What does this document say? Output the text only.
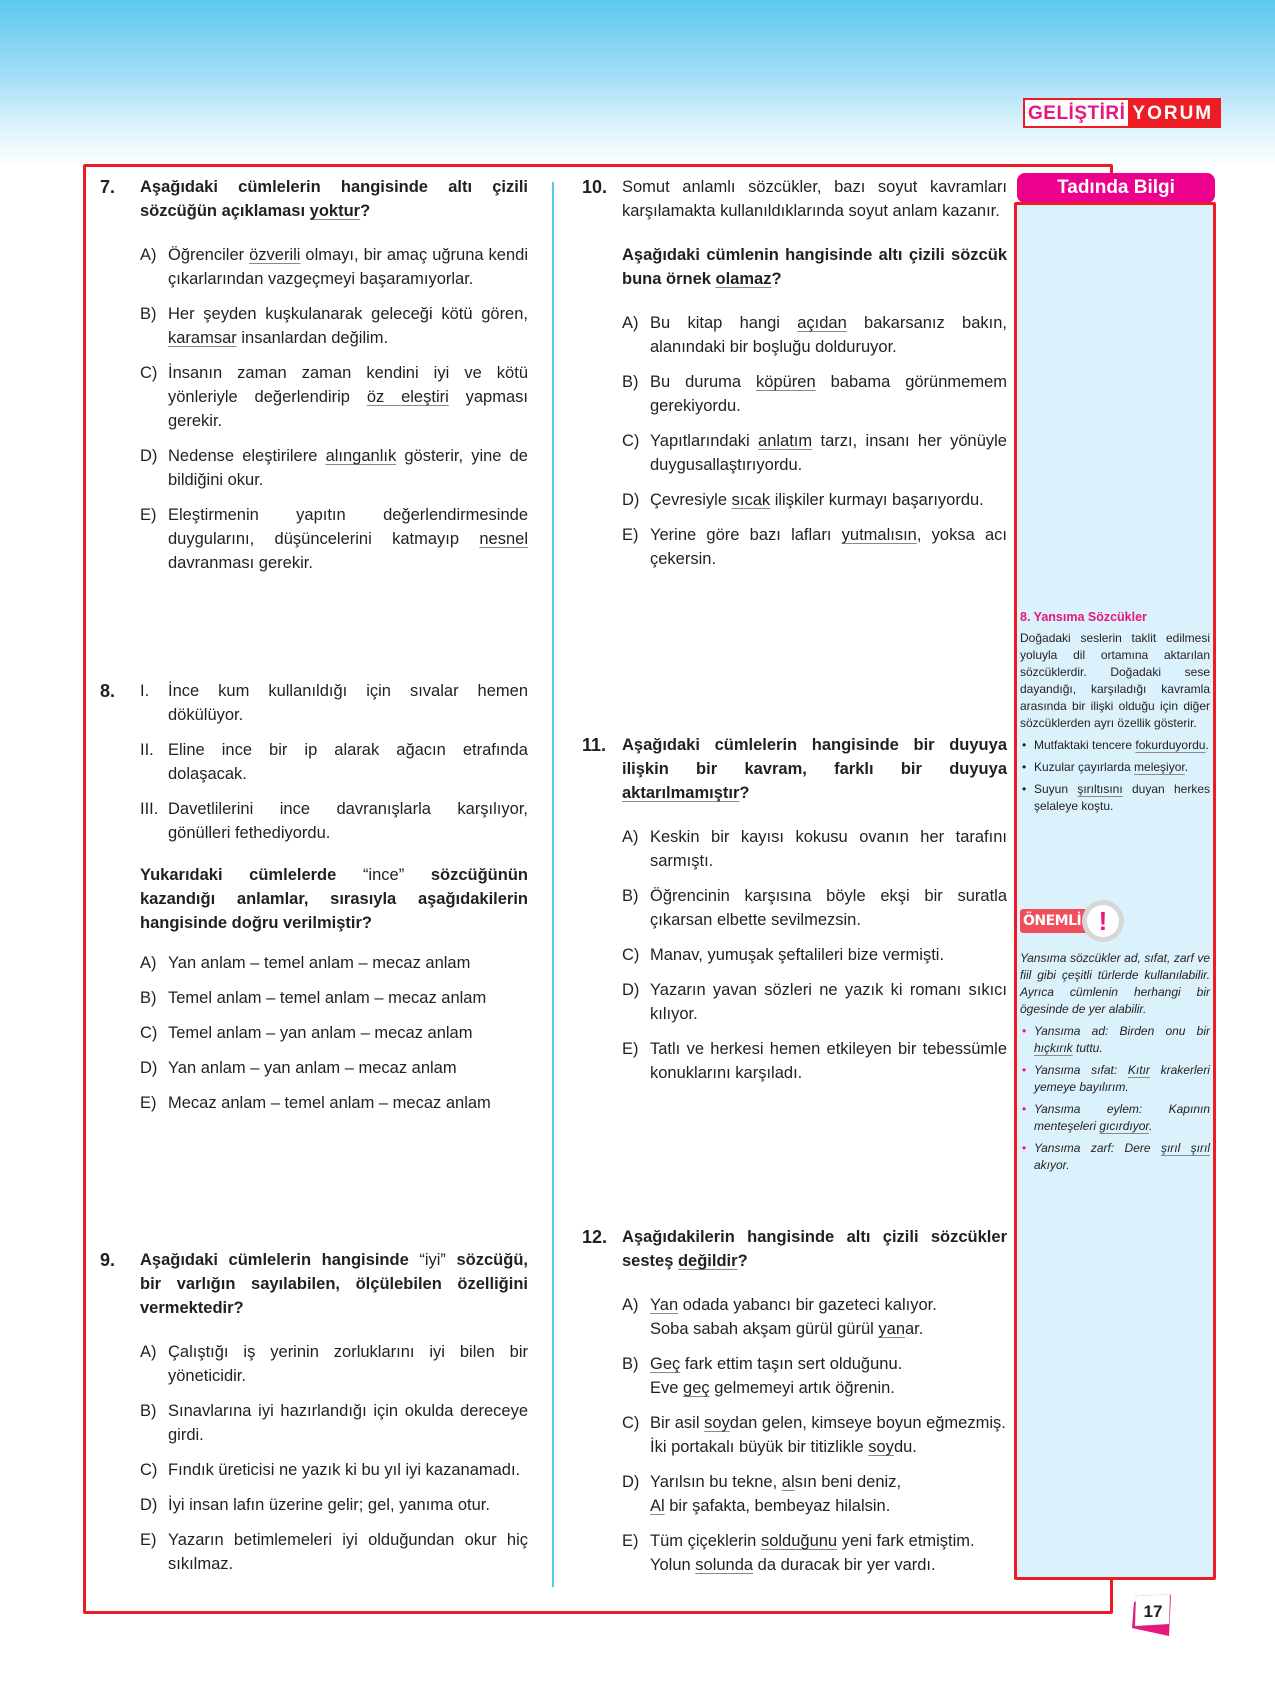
GELİŞTİRİ YORUM
Tadında Bilgi
7. Aşağıdaki cümlelerin hangisinde altı çizili sözcüğün açıklaması yoktur?
A) Öğrenciler özverili olmayı, bir amaç uğruna kendi çıkarlarından vazgeçmeyi başaramıyorlar.
B) Her şeyden kuşkulanarak geleceği kötü gören, karamsar insanlardan değilim.
C) İnsanın zaman zaman kendini iyi ve kötü yönleriyle değerlendirip öz eleştiri yapması gerekir.
D) Nedense eleştirilere alınganlık gösterir, yine de bildiğini okur.
E) Eleştirmenin yapıtın değerlendirmesinde duygularını, düşüncelerini katmayıp nesnel davranması gerekir.
8. I.	İnce kum kullanıldığı için sıvalar hemen dökülüyor.
II. Eline ince bir ip alarak ağacın etrafında dolaşacak.
III. Davetlilerini ince davranışlarla karşılıyor, gönülleri fethediyordu.
Yukarıdaki cümlelerde “ince” sözcüğünün kazandığı anlamlar, sırasıyla aşağıdakilerin hangisinde doğru verilmiştir?
A) Yan anlam – temel anlam – mecaz anlam
B) Temel anlam – temel anlam – mecaz anlam
C) Temel anlam – yan anlam – mecaz anlam
D) Yan anlam – yan anlam – mecaz anlam
E) Mecaz anlam – temel anlam – mecaz anlam
9. Aşağıdaki cümlelerin hangisinde “iyi” sözcüğü, bir varlığın sayılabilen, ölçülebilen özelliğini vermektedir?
A) Çalıştığı iş yerinin zorluklarını iyi bilen bir yöneticidir.
B) Sınavlarına iyi hazırlandığı için okulda dereceye girdi.
C) Fındık üreticisi ne yazık ki bu yıl iyi kazanamadı.
D) İyi insan lafın üzerine gelir; gel, yanıma otur.
E) Yazarın betimlemeleri iyi olduğundan okur hiç sıkılmaz.
10. Somut anlamlı sözcükler, bazı soyut kavramları karşılamakta kullanıldıklarında soyut anlam kazanır.
Aşağıdaki cümlenin hangisinde altı çizili sözcük buna örnek olamaz?
A) Bu kitap hangi açıdan bakarsanız bakın, alanındaki bir boşluğu dolduruyor.
B) Bu duruma köpüren babama görünmemem gerekiyordu.
C) Yapıtlarındaki anlatım tarzı, insanı her yönüyle duygusallaştırıyordu.
D) Çevresiyle sıcak ilişkiler kurmayı başarıyordu.
E) Yerine göre bazı lafları yutmalısın, yoksa acı çekersin.
11. Aşağıdaki cümlelerin hangisinde bir duyuya ilişkin bir kavram, farklı bir duyuya aktarılmamıştır?
A) Keskin bir kayısı kokusu ovanın her tarafını sarmıştı.
B) Öğrencinin karşısına böyle ekşi bir suratla çıkarsan elbette sevilmezsin.
C) Manav, yumuşak şeftalileri bize vermişti.
D) Yazarın yavan sözleri ne yazık ki romanı sıkıcı kılıyor.
E) Tatlı ve herkesi hemen etkileyen bir tebessümle konuklarını karşıladı.
12. Aşağıdakilerin hangisinde altı çizili sözcükler sesteş değildir?
A) Yan odada yabancı bir gazeteci kalıyor.
Soba sabah akşam gürül gürül yanar.
B) Geç fark ettim taşın sert olduğunu.
Eve geç gelmemeyi artık öğrenin.
C) Bir asil soydan gelen, kimseye boyun eğmezmiş.
İki portakalı büyük bir titizlikle soydu.
D) Yarılsın bu tekne, alsın beni deniz,
Al bir şafakta, bembeyaz hilalsin.
E) Tüm çiçeklerin solduğunu yeni fark etmiştim.
Yolun solunda da duracak bir yer vardı.
8. Yansıma Sözcükler

Doğadaki seslerin taklit edilmesi yoluyla dil ortamına aktarılan sözcüklerdir. Doğadaki sese dayandığı, karşıladığı kavramla arasında bir ilişki olduğu için diğer sözcüklerden ayrı özellik gösterir.

• Mutfaktaki tencere fokurduyordu.
• Kuzular çayırlarda meleşiyor.
• Suyun şırıltısını duyan herkes şelaleye koştu.
ÖNEMLİ !

Yansıma sözcükler ad, sıfat, zarf ve fiil gibi çeşitli türlerde kullanılabilir. Ayrıca cümlenin herhangi bir ögesinde de yer alabilir.

• Yansıma ad: Birden onu bir hıçkırık tuttu.
• Yansıma sıfat: Kıtır krakerleri yemeye bayılırım.
• Yansıma eylem: Kapının menteşeleri gıcırdıyor.
• Yansıma zarf: Dere şırıl şırıl akıyor.
17
